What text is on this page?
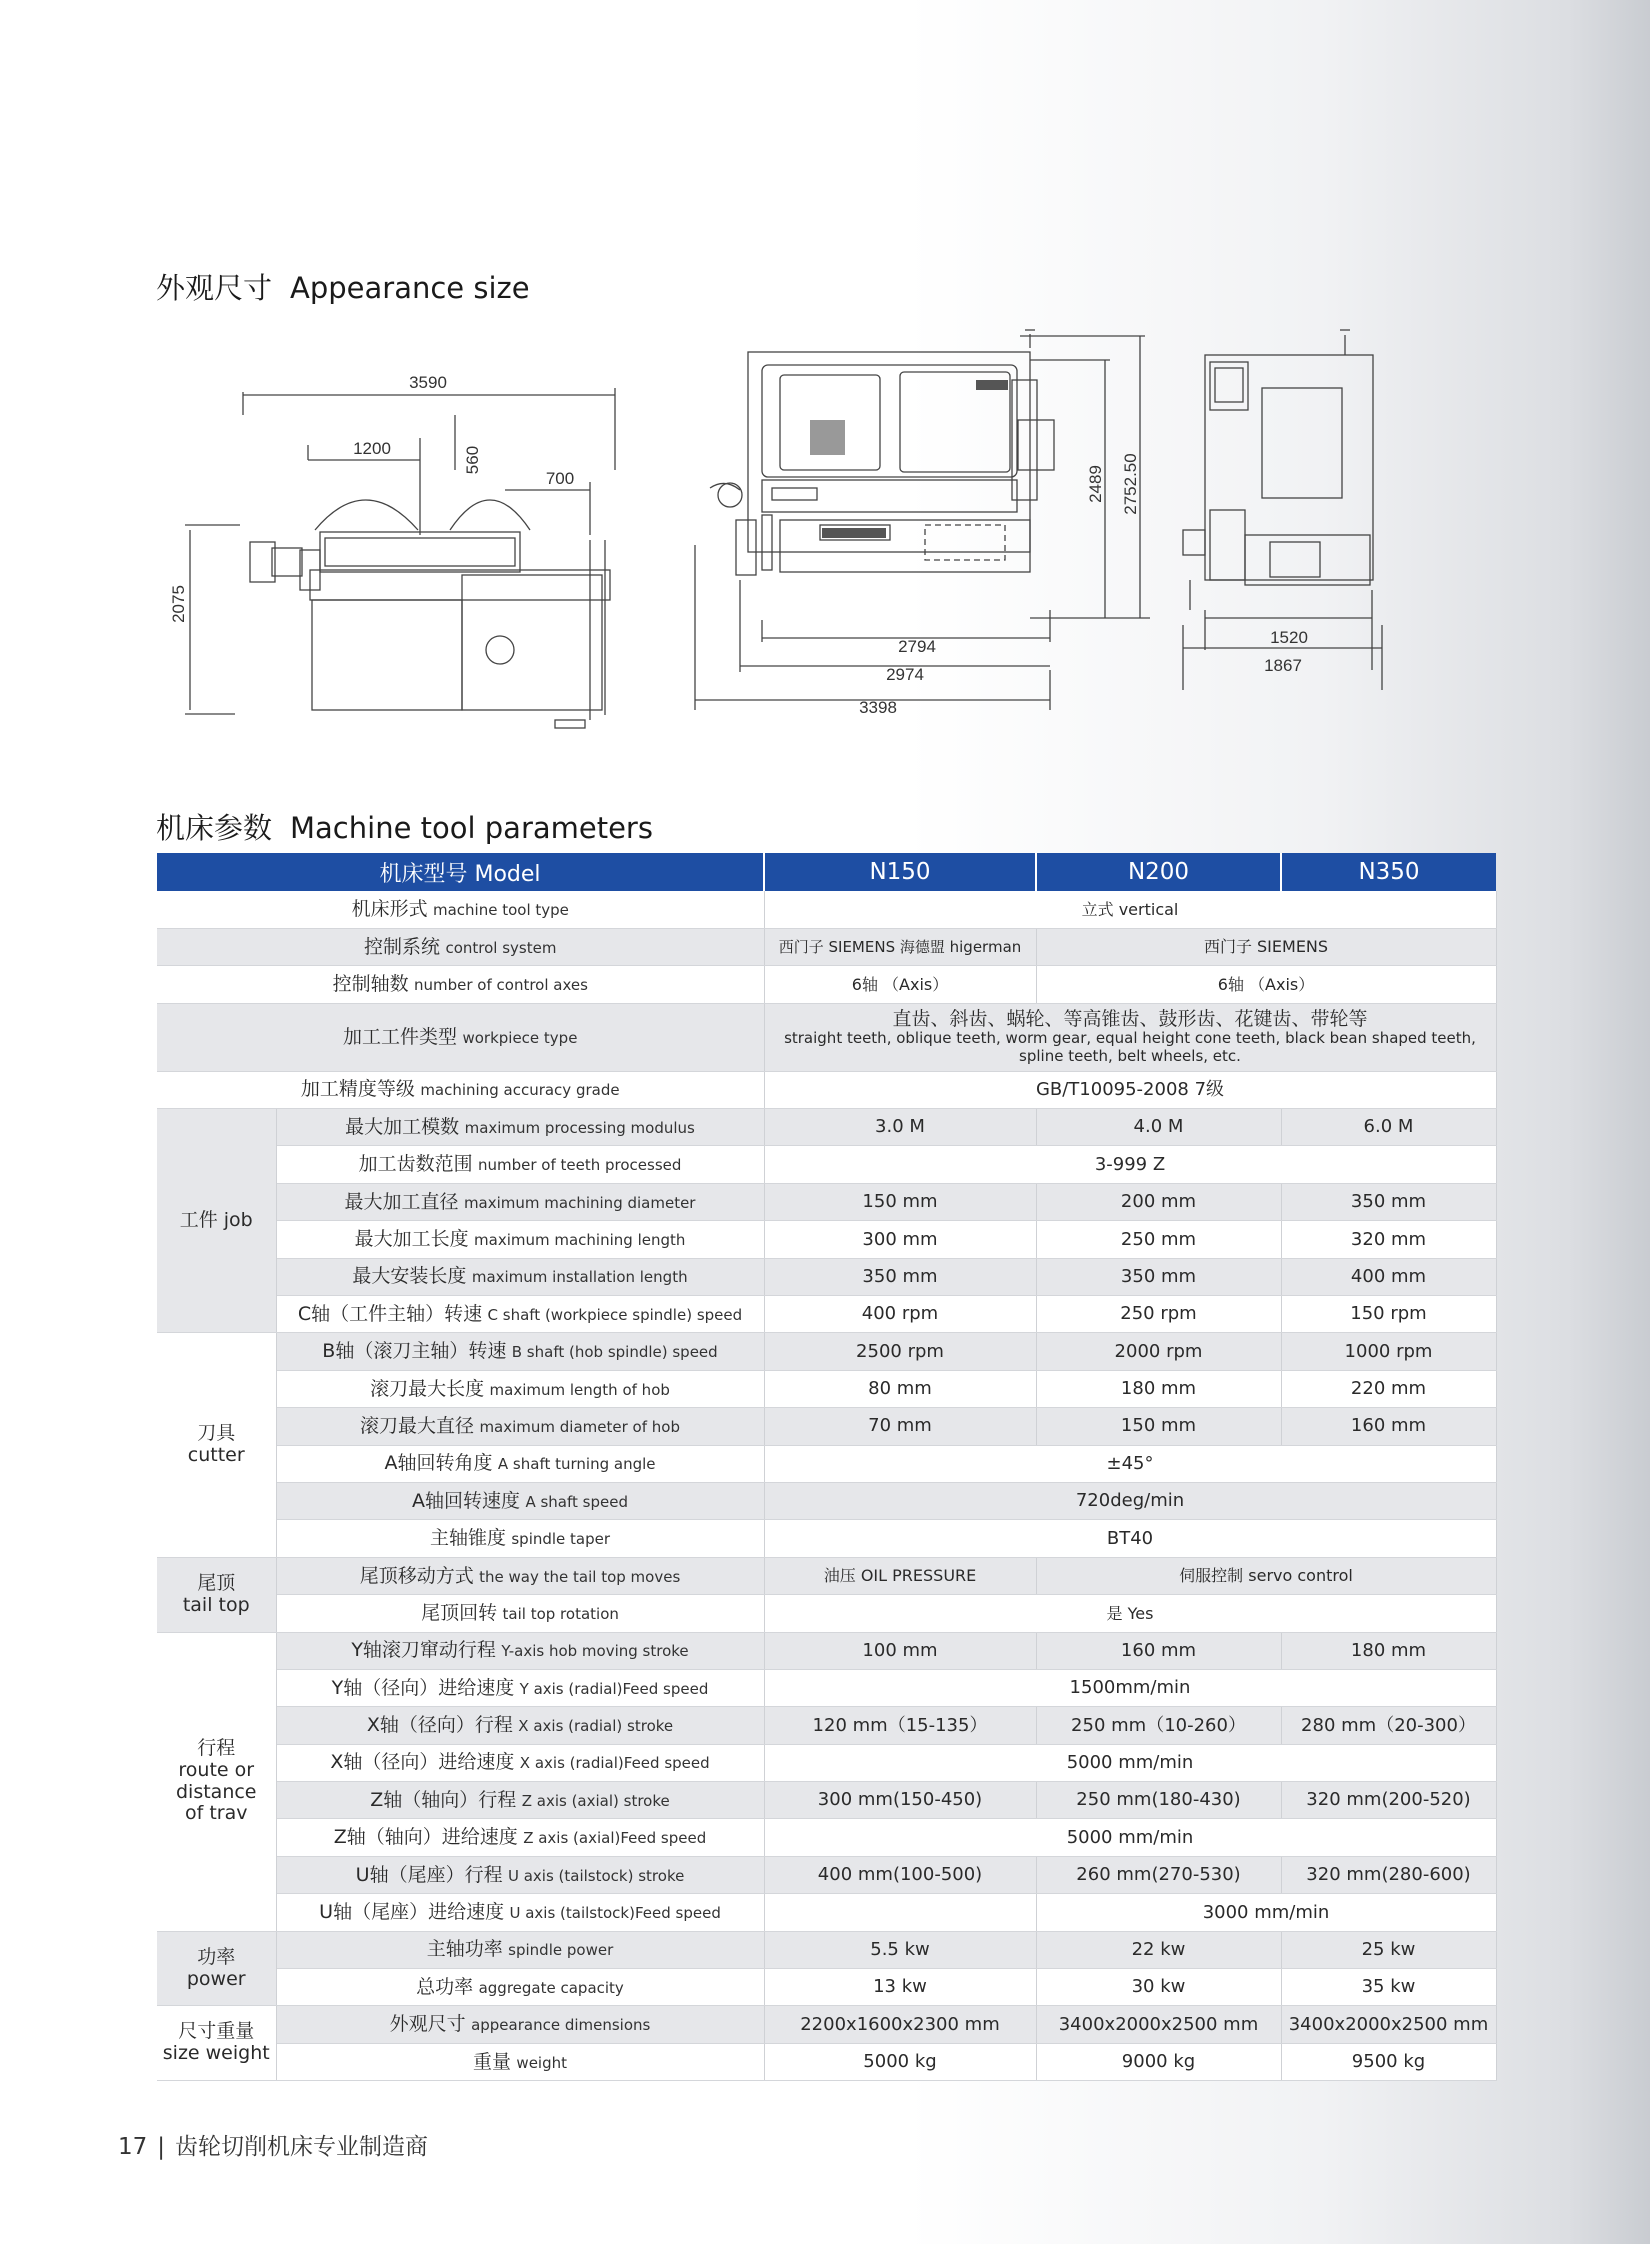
外观尺寸 Appearance size
3590
1200	560
700
2075
2489 2752.50
2794
2974
3398
1520
1867
机床参数 Machine tool parameters
机床型号 Model		N150	N200	N350
机床形式 machine tool type		立式 vertical		
控制系统 control system		西门子 SIEMENS 海德盟 higerman	西门子 SIEMENS	
控制轴数 number of control axes		6轴 （Axis）	6轴 （Axis）	
加工工件类型 workpiece type		直齿、斜齿、蜗轮、等高锥齿、鼓形齿、花键齿、带轮等
straight teeth, oblique teeth, worm gear, equal height cone teeth, black bean shaped teeth, spline teeth, belt wheels, etc.		

加工精度等级 machining accuracy grade		GB/T10095-2008 7级		
工件 job	最大加工模数 maximum processing modulus	3.0 M	4.0 M	6.0 M
	加工齿数范围 number of teeth processed	3-999 Z		
	最大加工直径 maximum machining diameter	150 mm	200 mm	350 mm
	最大加工长度 maximum machining length	300 mm	250 mm	320 mm
	最大安装长度 maximum installation length	350 mm	350 mm	400 mm
	C轴（工件主轴）转速 C shaft (workpiece spindle) speed	400 rpm	250 rpm	150 rpm
刀具
cutter	B轴（滚刀主轴）转速 B shaft (hob spindle) speed	2500 rpm	2000 rpm	1000 rpm
	滚刀最大长度 maximum length of hob	80 mm	180 mm	220 mm
	滚刀最大直径 maximum diameter of hob	70 mm	150 mm	160 mm
	A轴回转角度 A shaft turning angle	±45°		
	A轴回转速度 A shaft speed	720deg/min		
	主轴锥度 spindle taper	BT40		
尾顶
tail top	尾顶移动方式 the way the tail top moves	油压 OIL PRESSURE	伺服控制 servo control	
	尾顶回转 tail top rotation	是 Yes		
行程
route or
distance
of trav	Y轴滚刀窜动行程 Y-axis hob moving stroke	100 mm	160 mm	180 mm
	Y轴（径向）进给速度 Y axis (radial)Feed speed	1500mm/min		
	X轴（径向）行程 X axis (radial) stroke	120 mm（15-135）	250 mm（10-260）	280 mm（20-300）
	X轴（径向）进给速度 X axis (radial)Feed speed	5000 mm/min		
	Z轴（轴向）行程 Z axis (axial) stroke	300 mm(150-450)	250 mm(180-430)	320 mm(200-520)
	Z轴（轴向）进给速度 Z axis (axial)Feed speed	5000 mm/min		
	U轴（尾座）行程 U axis (tailstock) stroke	400 mm(100-500)	260 mm(270-530)	320 mm(280-600)
	U轴（尾座）进给速度 U axis (tailstock)Feed speed		3000 mm/min	
功率
power	主轴功率 spindle power	5.5 kw	22 kw	25 kw
	总功率 aggregate capacity	13 kw	30 kw	35 kw
尺寸重量
size weight	外观尺寸 appearance dimensions	2200x1600x2300 mm	3400x2000x2500 mm	3400x2000x2500 mm
	重量 weight	5000 kg	9000 kg	9500 kg
17 | 齿轮切削机床专业制造商
